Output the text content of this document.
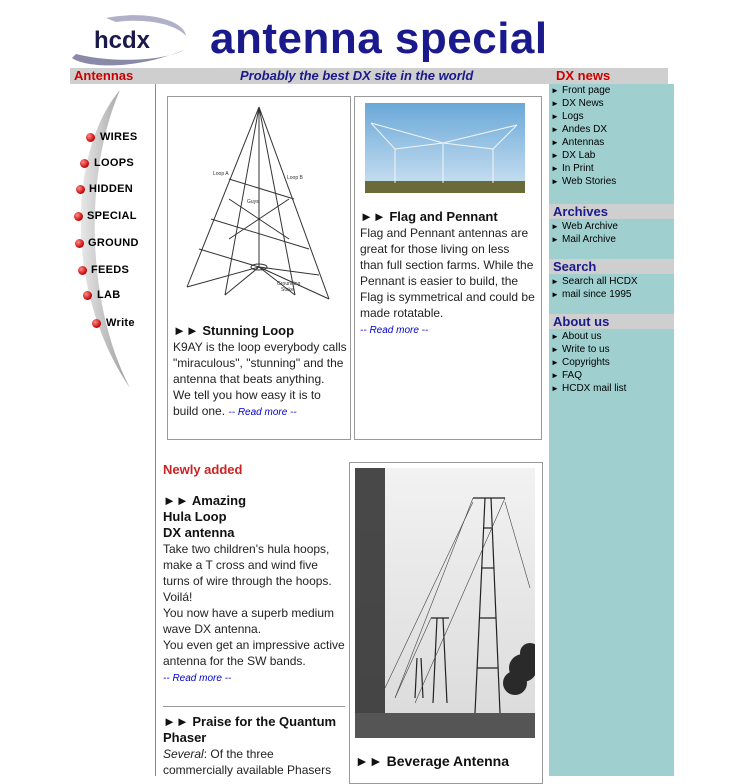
hcdx antenna special
Antennas	Probably the best DX site in the world	DX news
WIRES
LOOPS
HIDDEN
SPECIAL
GROUND
FEEDS
LAB
Write
Loop A
Loop B
Guys
Grounding
Stake
►► Stunning Loop
K9AY is the loop everybody calls "miraculous", "stunning" and the antenna that beats anything.
We tell you how easy it is to build one. -- Read more --
►► Flag and Pennant
Flag and Pennant antennas are great for those living on less than full section farms. While the Pennant is easier to build, the Flag is symmetrical and could be made rotatable.
-- Read more --
Newly added
►► Amazing
Hula Loop
DX antenna
Take two children's hula hoops, make a T cross and wind five turns of wire through the hoops. Voilá!
You now have a superb medium wave DX antenna.
You even get an impressive active antenna for the SW bands.
-- Read more --
►► Praise for the Quantum Phaser
Several: Of the three commercially available Phasers
►► Beverage Antenna
► Front page
► DX News
► Logs
► Andes DX
► Antennas
► DX Lab
► In Print
► Web Stories
Archives
► Web Archive
► Mail Archive
Search
► Search all HCDX
► mail since 1995
About us
► About us
► Write to us
► Copyrights
► FAQ
► HCDX mail list
